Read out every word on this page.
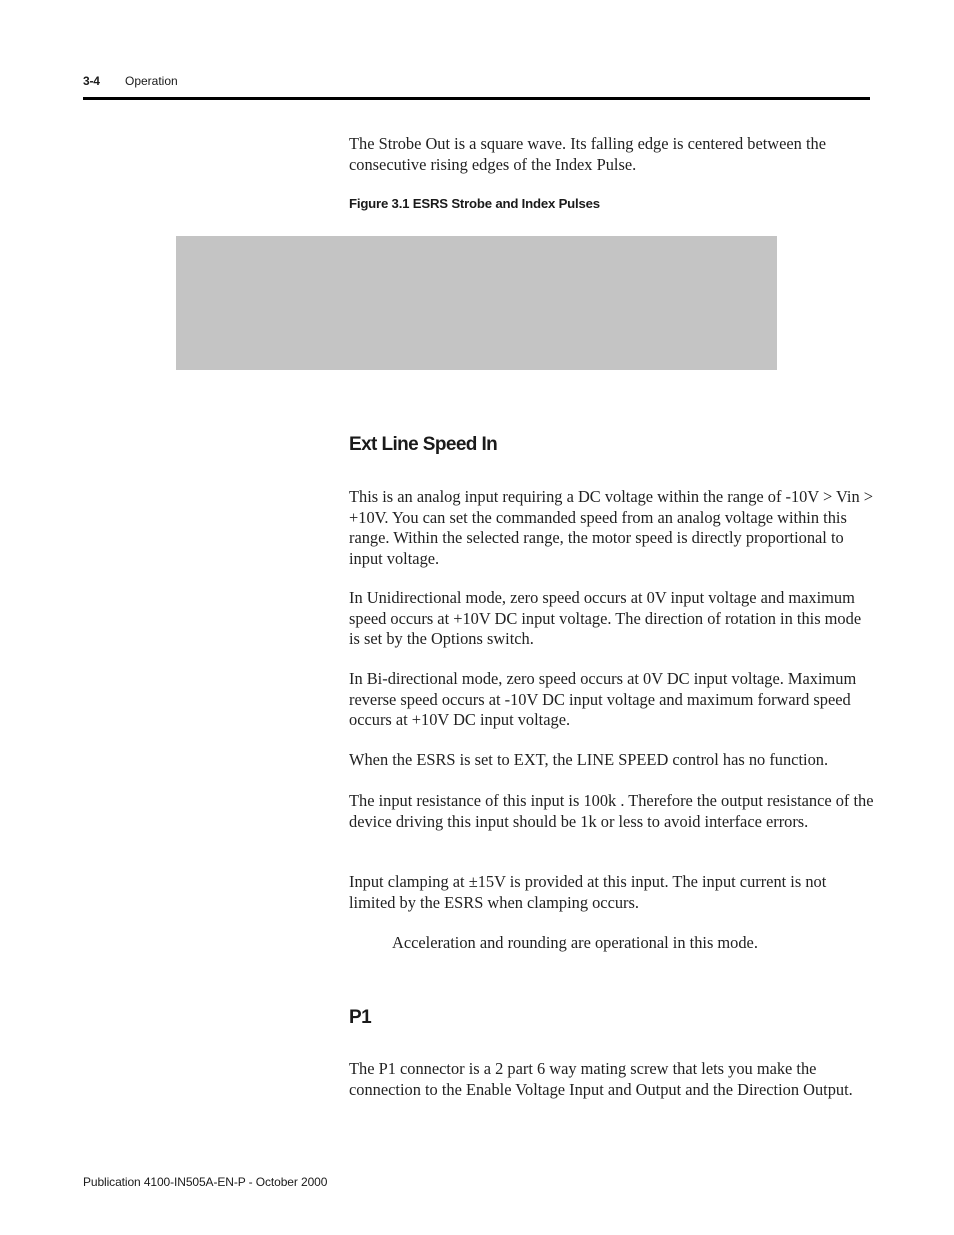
3-4 Operation

The Strobe Out is a square wave. Its falling edge is centered between the consecutive rising edges of the Index Pulse.

Figure 3.1 ESRS Strobe and Index Pulses
Ext Line Speed In

This is an analog input requiring a DC voltage within the range of -10V > Vin > +10V. You can set the commanded speed from an analog voltage within this range. Within the selected range, the motor speed is directly proportional to input voltage.

In Unidirectional mode, zero speed occurs at 0V input voltage and maximum speed occurs at +10V DC input voltage. The direction of rotation in this mode is set by the Options switch.

In Bi-directional mode, zero speed occurs at 0V DC input voltage. Maximum reverse speed occurs at -10V DC input voltage and maximum forward speed occurs at +10V DC input voltage.

When the ESRS is set to EXT, the LINE SPEED control has no function.

The input resistance of this input is 100k . Therefore the output resistance of the device driving this input should be 1k or less to avoid interface errors.

Input clamping at ±15V is provided at this input. The input current is not limited by the ESRS when clamping occurs.

Acceleration and rounding are operational in this mode.

P1

The P1 connector is a 2 part 6 way mating screw that lets you make the connection to the Enable Voltage Input and Output and the Direction Output.

Publication 4100-IN505A-EN-P - October 2000
